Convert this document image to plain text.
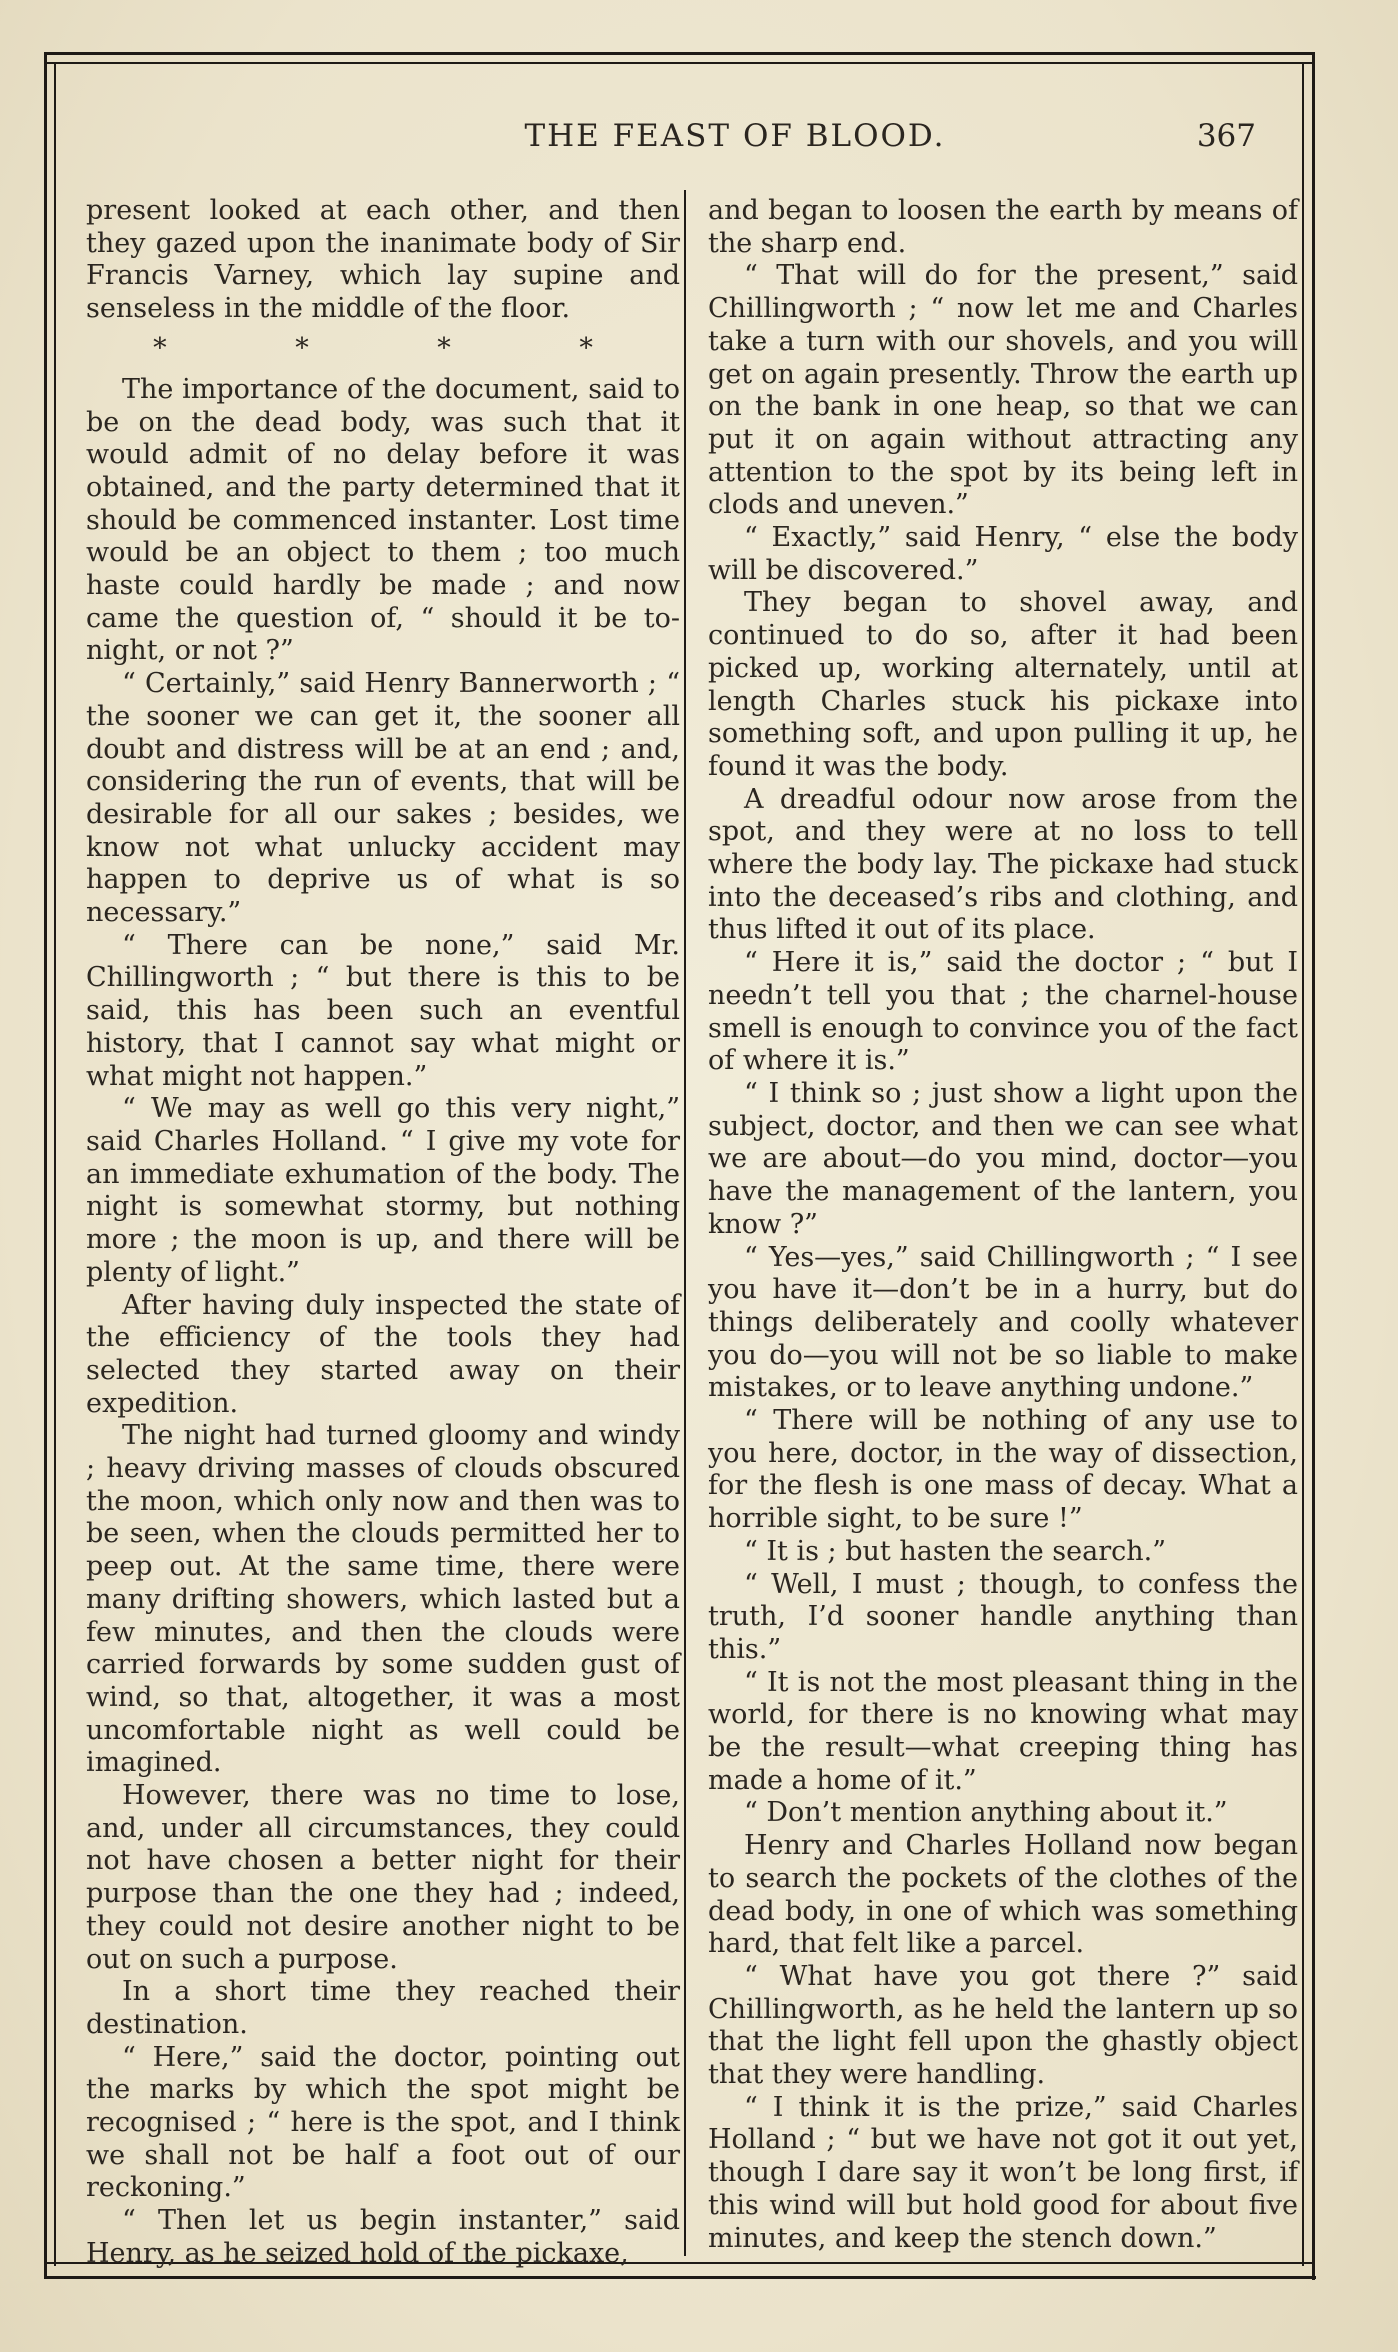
THE FEAST OF BLOOD.	367

present looked at each other, and then they gazed upon the inanimate body of Sir Francis Varney, which lay supine and senseless in the middle of the floor.

* * * *

The importance of the document, said to be on the dead body, was such that it would admit of no delay before it was obtained, and the party determined that it should be commenced instanter. Lost time would be an object to them ; too much haste could hardly be made ; and now came the question of, “ should it be to-night, or not ?”

“ Certainly,” said Henry Bannerworth ; “ the sooner we can get it, the sooner all doubt and distress will be at an end ; and, considering the run of events, that will be desirable for all our sakes ; besides, we know not what unlucky accident may happen to deprive us of what is so necessary.”

“ There can be none,” said Mr. Chillingworth ; “ but there is this to be said, this has been such an eventful history, that I cannot say what might or what might not happen.”

“ We may as well go this very night,” said Charles Holland. “ I give my vote for an immediate exhumation of the body. The night is somewhat stormy, but nothing more ; the moon is up, and there will be plenty of light.”

After having duly inspected the state of the efficiency of the tools they had selected they started away on their expedition.

The night had turned gloomy and windy ; heavy driving masses of clouds obscured the moon, which only now and then was to be seen, when the clouds permitted her to peep out. At the same time, there were many drifting showers, which lasted but a few minutes, and then the clouds were carried forwards by some sudden gust of wind, so that, altogether, it was a most uncomfortable night as well could be imagined.

However, there was no time to lose, and, under all circumstances, they could not have chosen a better night for their purpose than the one they had ; indeed, they could not desire another night to be out on such a purpose.

In a short time they reached their destination.

“ Here,” said the doctor, pointing out the marks by which the spot might be recognised ; “ here is the spot, and I think we shall not be half a foot out of our reckoning.”

“ Then let us begin instanter,” said Henry, as he seized hold of the pickaxe,

and began to loosen the earth by means of the sharp end.

“ That will do for the present,” said Chillingworth ; “ now let me and Charles take a turn with our shovels, and you will get on again presently. Throw the earth up on the bank in one heap, so that we can put it on again without attracting any attention to the spot by its being left in clods and uneven.”

“ Exactly,” said Henry, “ else the body will be discovered.”

They began to shovel away, and continued to do so, after it had been picked up, working alternately, until at length Charles stuck his pickaxe into something soft, and upon pulling it up, he found it was the body.

A dreadful odour now arose from the spot, and they were at no loss to tell where the body lay. The pickaxe had stuck into the deceased’s ribs and clothing, and thus lifted it out of its place.

“ Here it is,” said the doctor ; “ but I needn’t tell you that ; the charnel-house smell is enough to convince you of the fact of where it is.”

“ I think so ; just show a light upon the subject, doctor, and then we can see what we are about—do you mind, doctor—you have the management of the lantern, you know ?”

“ Yes—yes,” said Chillingworth ; “ I see you have it—don’t be in a hurry, but do things deliberately and coolly whatever you do—you will not be so liable to make mistakes, or to leave anything undone.”

“ There will be nothing of any use to you here, doctor, in the way of dissection, for the flesh is one mass of decay. What a horrible sight, to be sure !”

“ It is ; but hasten the search.”

“ Well, I must ; though, to confess the truth, I’d sooner handle anything than this.”

“ It is not the most pleasant thing in the world, for there is no knowing what may be the result—what creeping thing has made a home of it.”

“ Don’t mention anything about it.”

Henry and Charles Holland now began to search the pockets of the clothes of the dead body, in one of which was something hard, that felt like a parcel.

“ What have you got there ?” said Chillingworth, as he held the lantern up so that the light fell upon the ghastly object that they were handling.

“ I think it is the prize,” said Charles Holland ; “ but we have not got it out yet, though I dare say it won’t be long first, if this wind will but hold good for about five minutes, and keep the stench down.”
